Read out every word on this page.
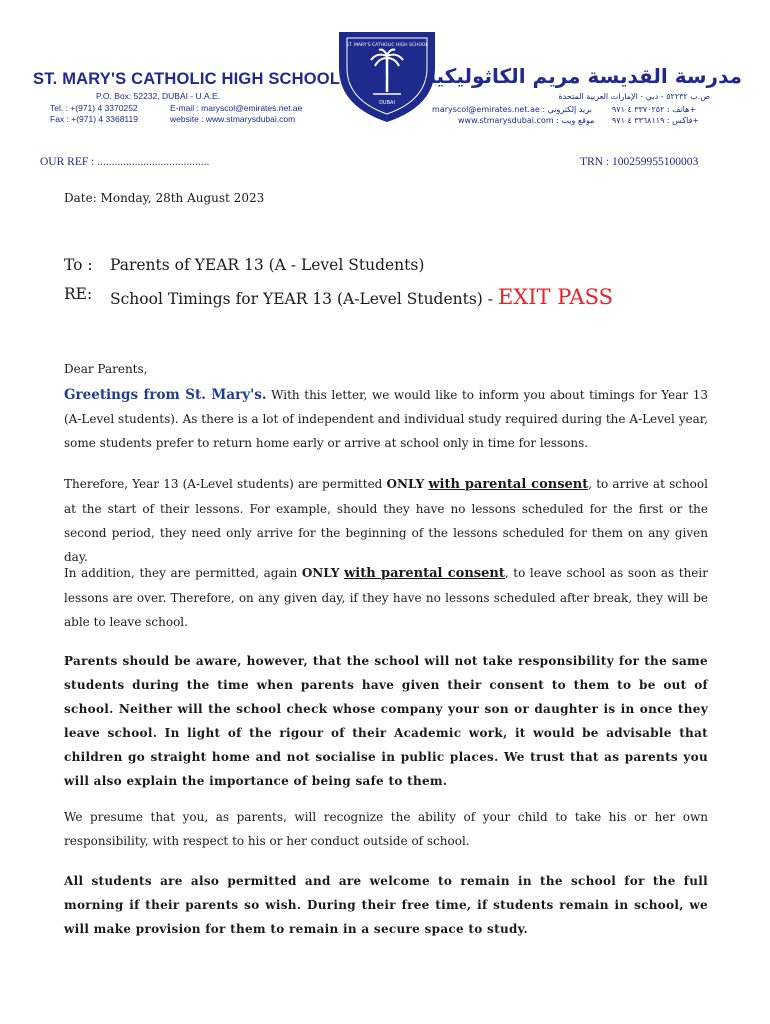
ST. MARY'S CATHOLIC HIGH SCHOOL
P.O. Box: 52232, DUBAI - U.A.E.
Tel. : +(971) 4 3370252
Fax : +(971) 4 3368119
E-mail : maryscol@emirates.net.ae
website : www.stmarysdubai.com
ST. MARY'S CATHOLIC HIGH SCHOOL
DUBAI
مدرسة القديسة مريم الكاثوليكية الثانوية
ص.ب ٥٢٢٣٢ - دبي - الإمارات العربية المتحدة
maryscol@emirates.net.ae : بريد إلكتروني
www.stmarysdubai.com : موقع ويب
هاتف : ٣٣٧٠٢٥٢ ٤ ٩٧١+
فاكس : ٣٣٦٨١١٩ ٤ ٩٧١+
OUR REF : .......................................	TRN : 100259955100003
Date: Monday, 28th August 2023
To : Parents of YEAR 13 (A - Level Students)
RE: School Timings for YEAR 13 (A-Level Students) - EXIT PASS
Dear Parents,
Greetings from St. Mary's. With this letter, we would like to inform you about timings for Year 13 (A-Level students). As there is a lot of independent and individual study required during the A-Level year, some students prefer to return home early or arrive at school only in time for lessons.
Therefore, Year 13 (A-Level students) are permitted ONLY with parental consent, to arrive at school at the start of their lessons. For example, should they have no lessons scheduled for the first or the second period, they need only arrive for the beginning of the lessons scheduled for them on any given day.
In addition, they are permitted, again ONLY with parental consent, to leave school as soon as their lessons are over. Therefore, on any given day, if they have no lessons scheduled after break, they will be able to leave school.
Parents should be aware, however, that the school will not take responsibility for the same students during the time when parents have given their consent to them to be out of school. Neither will the school check whose company your son or daughter is in once they leave school. In light of the rigour of their Academic work, it would be advisable that children go straight home and not socialise in public places. We trust that as parents you will also explain the importance of being safe to them.
We presume that you, as parents, will recognize the ability of your child to take his or her own responsibility, with respect to his or her conduct outside of school.
All students are also permitted and are welcome to remain in the school for the full morning if their parents so wish. During their free time, if students remain in school, we will make provision for them to remain in a secure space to study.
